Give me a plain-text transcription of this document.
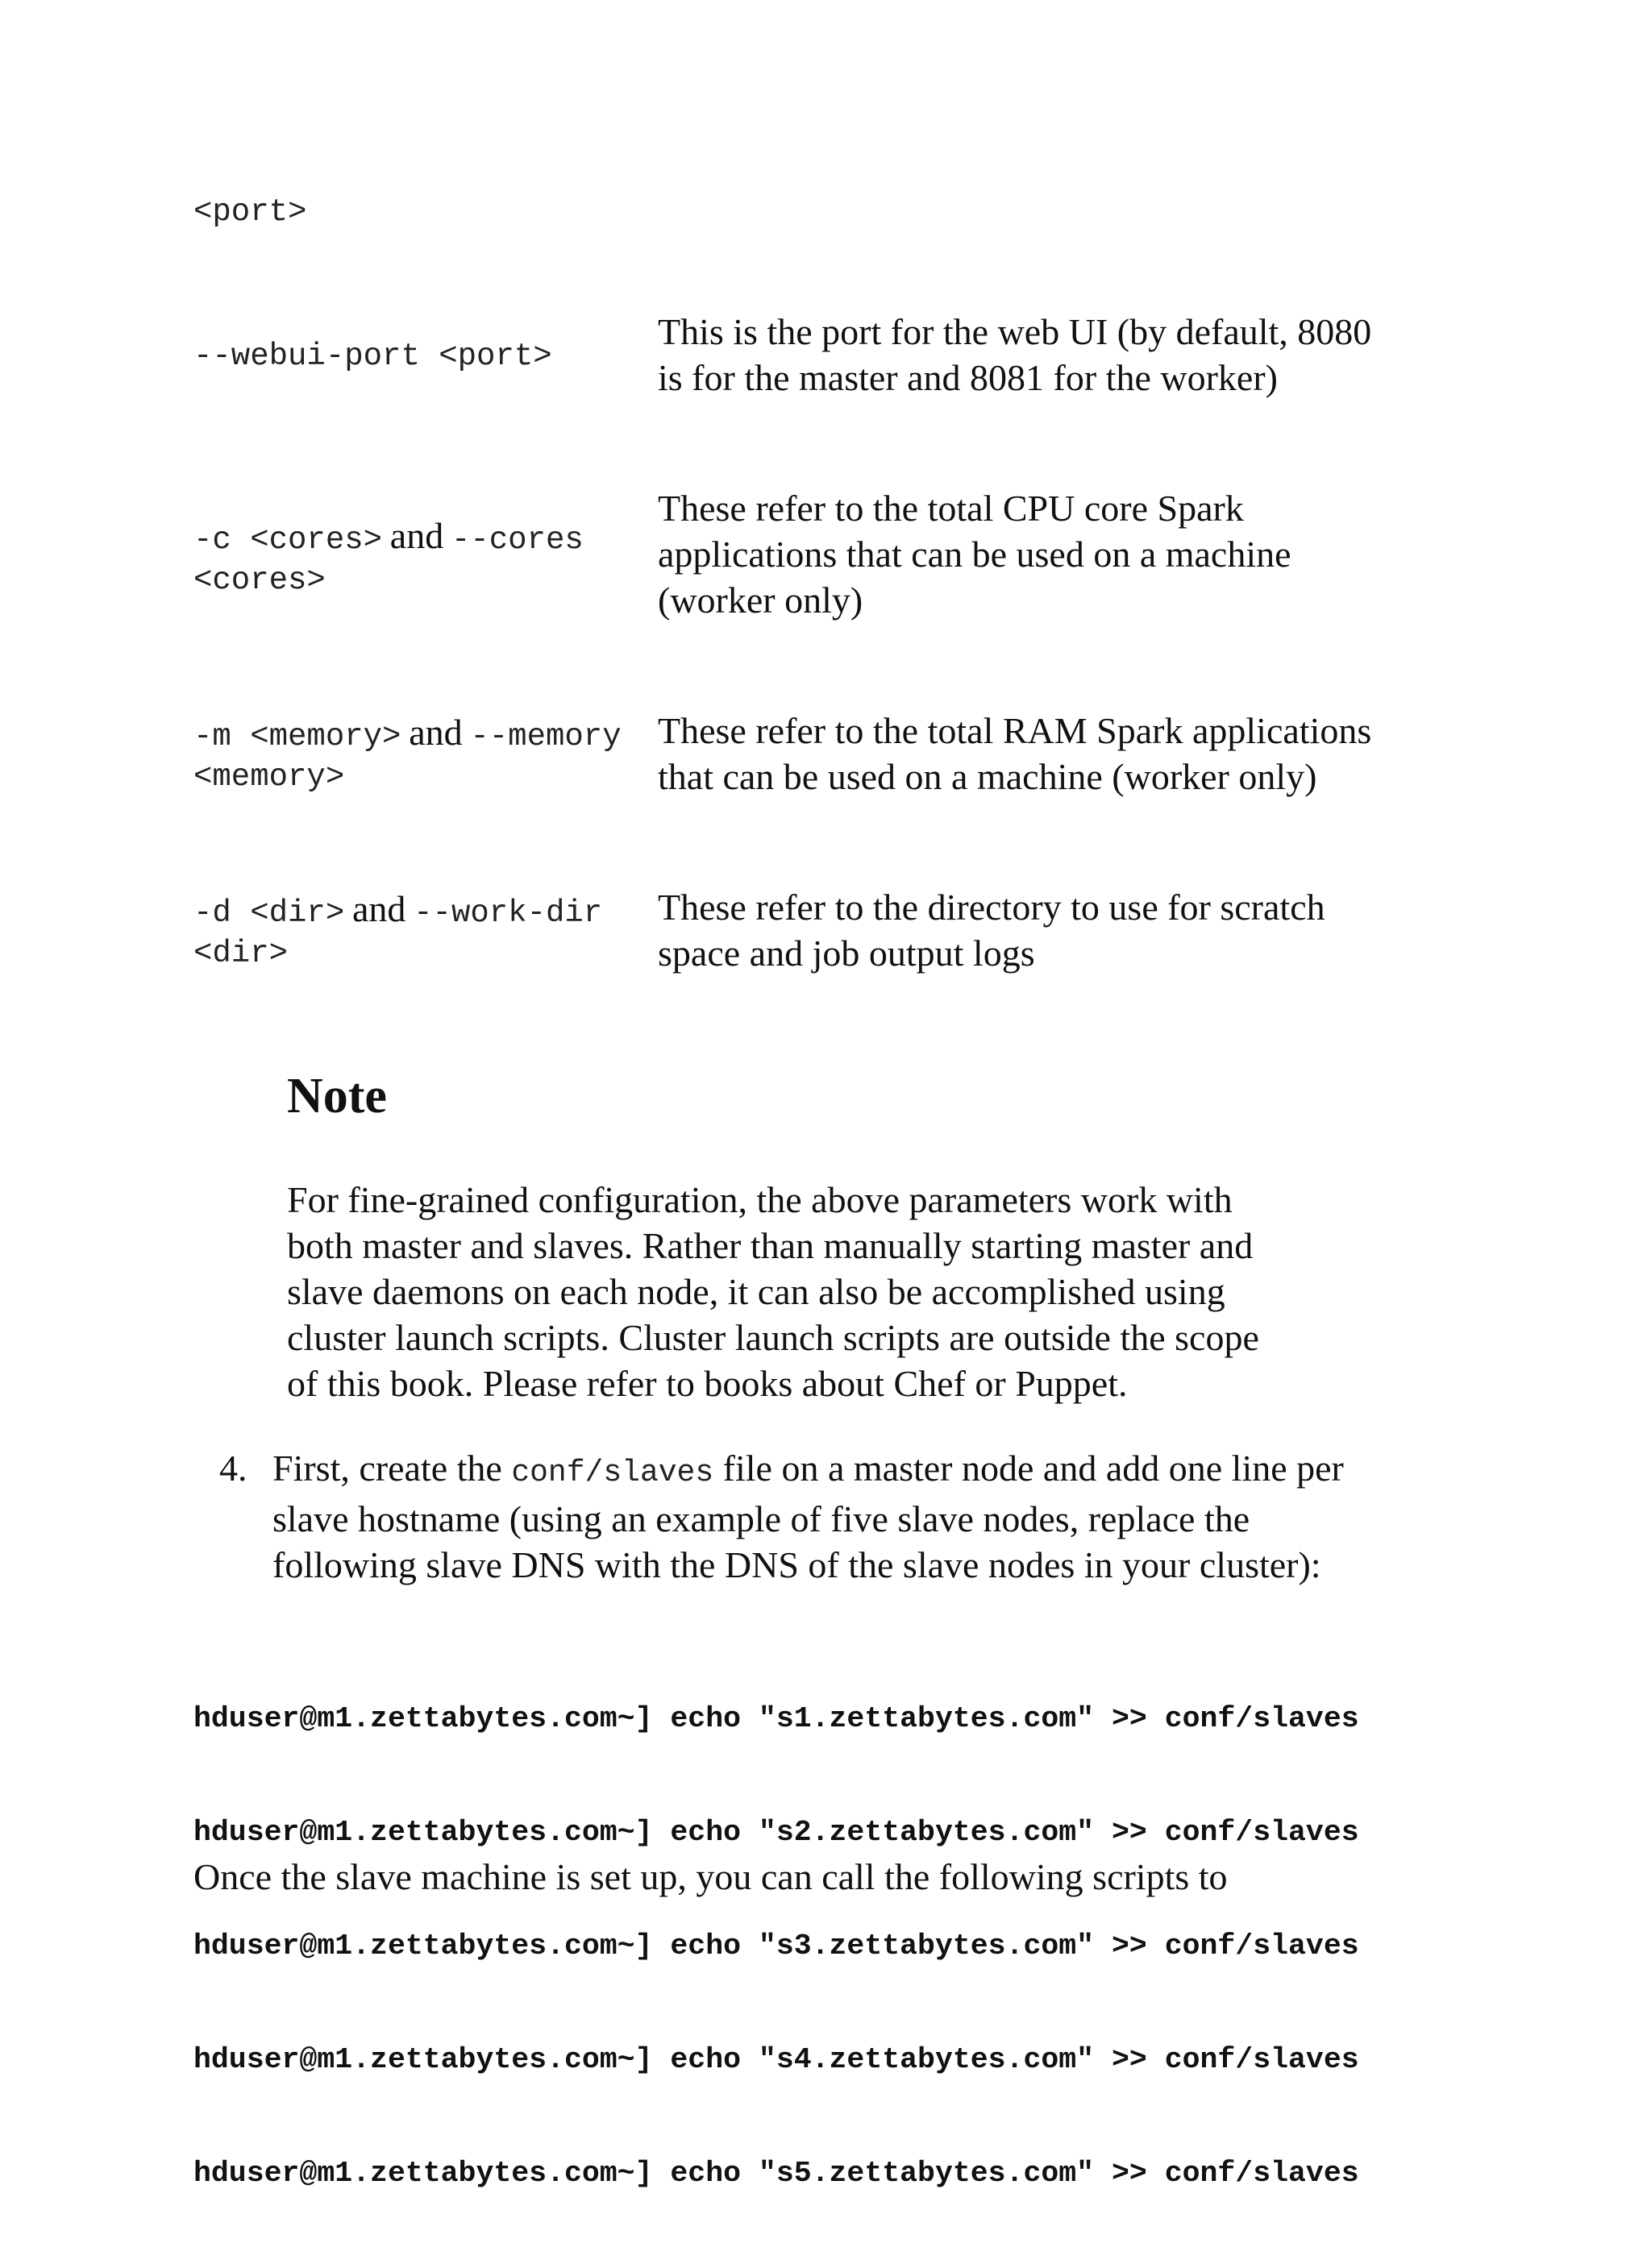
<port>
--webui-port <port>
This is the port for the web UI (by default, 8080
is for the master and 8081 for the worker)
-c <cores> and --cores
<cores>
These refer to the total CPU core Spark
applications that can be used on a machine
(worker only)
-m <memory> and --memory
<memory>
These refer to the total RAM Spark applications
that can be used on a machine (worker only)
-d <dir> and --work-dir
<dir>
These refer to the directory to use for scratch
space and job output logs
Note
For fine-grained configuration, the above parameters work with
both master and slaves. Rather than manually starting master and
slave daemons on each node, it can also be accomplished using
cluster launch scripts. Cluster launch scripts are outside the scope
of this book. Please refer to books about Chef or Puppet.
4. First, create the conf/slaves file on a master node and add one line per
slave hostname (using an example of five slave nodes, replace the
following slave DNS with the DNS of the slave nodes in your cluster):

hduser@m1.zettabytes.com~] echo "s1.zettabytes.com" >> conf/slaves

hduser@m1.zettabytes.com~] echo "s2.zettabytes.com" >> conf/slaves

hduser@m1.zettabytes.com~] echo "s3.zettabytes.com" >> conf/slaves

hduser@m1.zettabytes.com~] echo "s4.zettabytes.com" >> conf/slaves

hduser@m1.zettabytes.com~] echo "s5.zettabytes.com" >> conf/slaves

Once the slave machine is set up, you can call the following scripts to
